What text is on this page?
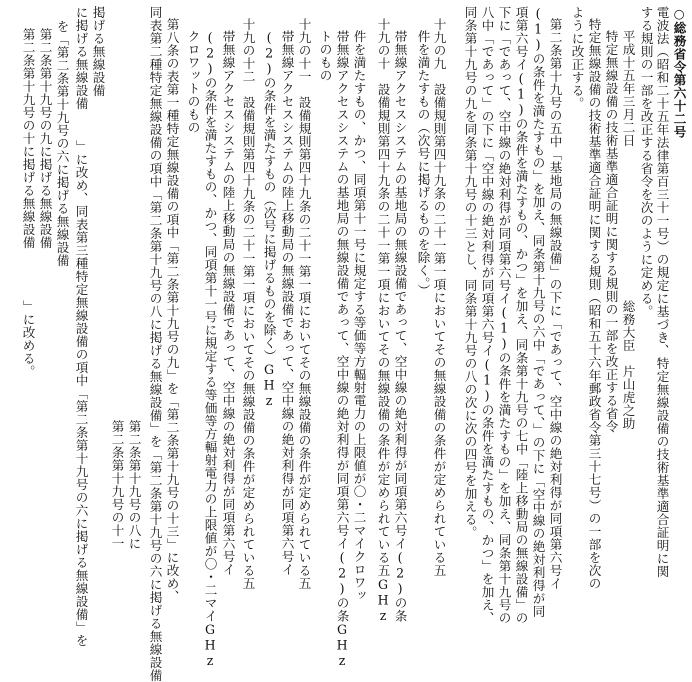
○総務省令第六十二号
電波法（昭和二十五年法律第百三十一号）の規定に基づき、特定無線設備の技術基準適合証明に関
する規則の一部を改正する省令を次のように定める。
平成十五年三月二日
総務大臣　片山虎之助
特定無線設備の技術基準適合証明に関する規則の一部を改正する省令
特定無線設備の技術基準適合証明に関する規則（昭和五十六年郵政省令第三十七号）の一部を次の
ように改正する。
第二条第十九号の五中「基地局の無線設備」の下に「であって、空中線の絶対利得が同項第六号イ
(1)の条件を満たすもの」を加え、同条第十九号の六中「であって、」の下に「空中線の絶対利得が同
項第六号イ(1)の条件を満たすもの、かつ」を加え、同条第十九号の七中「陸上移動局の無線設備」の
下に「であって、空中線の絶対利得が同項第六号イ(1)の条件を満たすもの」を加え、同条第十九号の
八中「であって」の下に「空中線の絶対利得が同項第六号イ(1)の条件を満たすもの、かつ」を加え、
同条第十九号の九を同条第十九号の十三とし、同条第十九号の八の次に次の四号を加える。
十九の九　設備規則第四十九条の二十一第一項においてその無線設備の条件が定められている五
件を満たすもの（次号に掲げるものを除く。）
帯無線アクセスシステムの基地局の無線設備であって、空中線の絶対利得が同項第六号イ(2)の条
十九の十　設備規則第四十九条の二十一第一項においてその無線設備の条件が定められている五GHz
件を満たすもの、かつ、同項第十一号に規定する等価等方輻射電力の上限値が〇・二マイクロワッ
帯無線アクセスシステムの基地局の無線設備であって、空中線の絶対利得が同項第六号イ(2)の条GHz
トのもの
十九の十一　設備規則第四十九条の二十一第一項においてその無線設備の条件が定められている五
帯無線アクセスシステムの陸上移動局の無線設備であって、空中線の絶対利得が同項第六号イ
(2)の条件を満たすもの（次号に掲げるものを除く）GHz
十九の十二　設備規則第四十九条の二十一第一項においてその無線設備の条件が定められている五
帯無線アクセスシステムの陸上移動局の無線設備であって、空中線の絶対利得が同項第六号イ
(2)の条件を満たすもの、かつ、同項第十一号に規定する等価等方輻射電力の上限値が〇・二マイGHz
クロワットのもの
第八条の表第一種特定無線設備の項中「第二条第十九号の九」を「第二条第十九号の十三」に改め、
同表第二種特定無線設備の項中「第二条第十九号の八に掲げる無線設備」を「第二条第十九号の六に掲げる無線設備
第二条第十九号の八に
第二条第十九号の十一
掲げる無線設備
に掲げる無線設備
」に改め、同表第三種特定無線設備の項中「第二条第十九号の六に掲げる無線設備」を
を「第二条第十九号の六に掲げる無線設備
第二条第十九号の九に掲げる無線設備
第二条第十九号の十に掲げる無線設備
」に改める。
